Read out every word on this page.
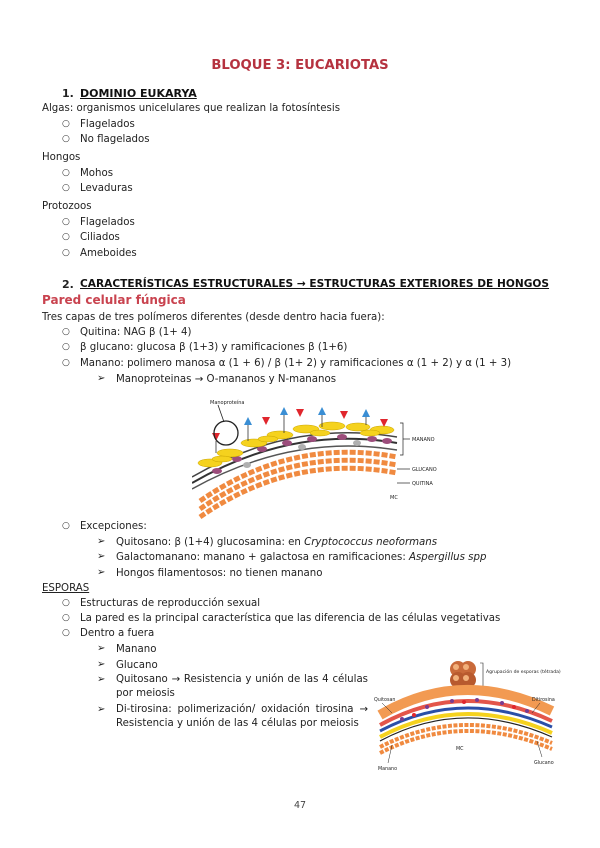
BLOQUE 3: EUCARIOTAS
1. DOMINIO EUKARYA
Algas: organismos unicelulares que realizan la fotosíntesis
○ Flagelados
○ No flagelados
Hongos
○ Mohos
○ Levaduras
Protozoos
○ Flagelados
○ Ciliados
○ Ameboides
2. CARACTERÍSTICAS ESTRUCTURALES → ESTRUCTURAS EXTERIORES DE HONGOS
Pared celular fúngica
Tres capas de tres polímeros diferentes (desde dentro hacia fuera):
○ Quitina: NAG β (1+ 4)
○ β glucano: glucosa β (1+3) y ramificaciones β (1+6)
○ Manano: polimero manosa α (1 + 6) / β (1+ 2) y ramificaciones α (1 + 2) y α (1 + 3)
➢ Manoproteinas → O-mananos y N-mananos
Manoproteína
MANANO
GLUCANO
QUITINA
MC
○ Excepciones:
➢ Quitosano: β (1+4) glucosamina: en Cryptococcus neoformans
➢ Galactomanano: manano + galactosa en ramificaciones: Aspergillus spp
➢ Hongos filamentosos: no tienen manano
ESPORAS
○ Estructuras de reproducción sexual
○ La pared es la principal característica que las diferencia de las células vegetativas
○ Dentro a fuera
➢ Manano
➢ Glucano
➢ Quitosano → Resistencia y unión de las 4 células por meiosis
➢ Di-tirosina: polimerización/ oxidación tirosina → Resistencia y unión de las 4 células por meiosis
Agrupación de esporas (tétrada)
Quitosan	Ditirosina
MC
Manano
Glucano
47
